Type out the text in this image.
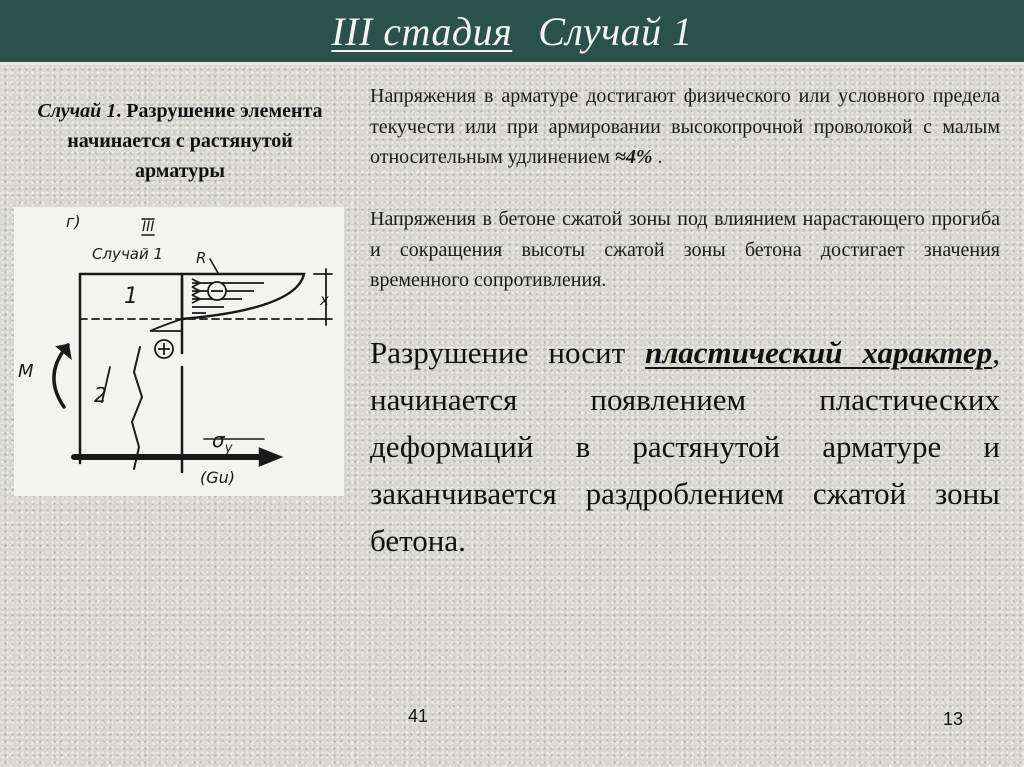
III стадия Случай 1
Случай 1. Разрушение элемента начинается с растянутой арматуры
г)	III
Случай 1 R
1
2
M
x
$\sigma_y$
(Gu)
Напряжения в арматуре достигают физического или условного предела текучести или при армировании высокопрочной проволокой с малым относительным удлинением ≈4% .
Напряжения в бетоне сжатой зоны под влиянием нарастающего прогиба и сокращения высоты сжатой зоны бетона достигает значения временного сопротивления.
Разрушение носит пластический характер, начинается появлением пластических деформаций в растянутой арматуре и заканчивается раздроблением сжатой зоны бетона.
41	13
